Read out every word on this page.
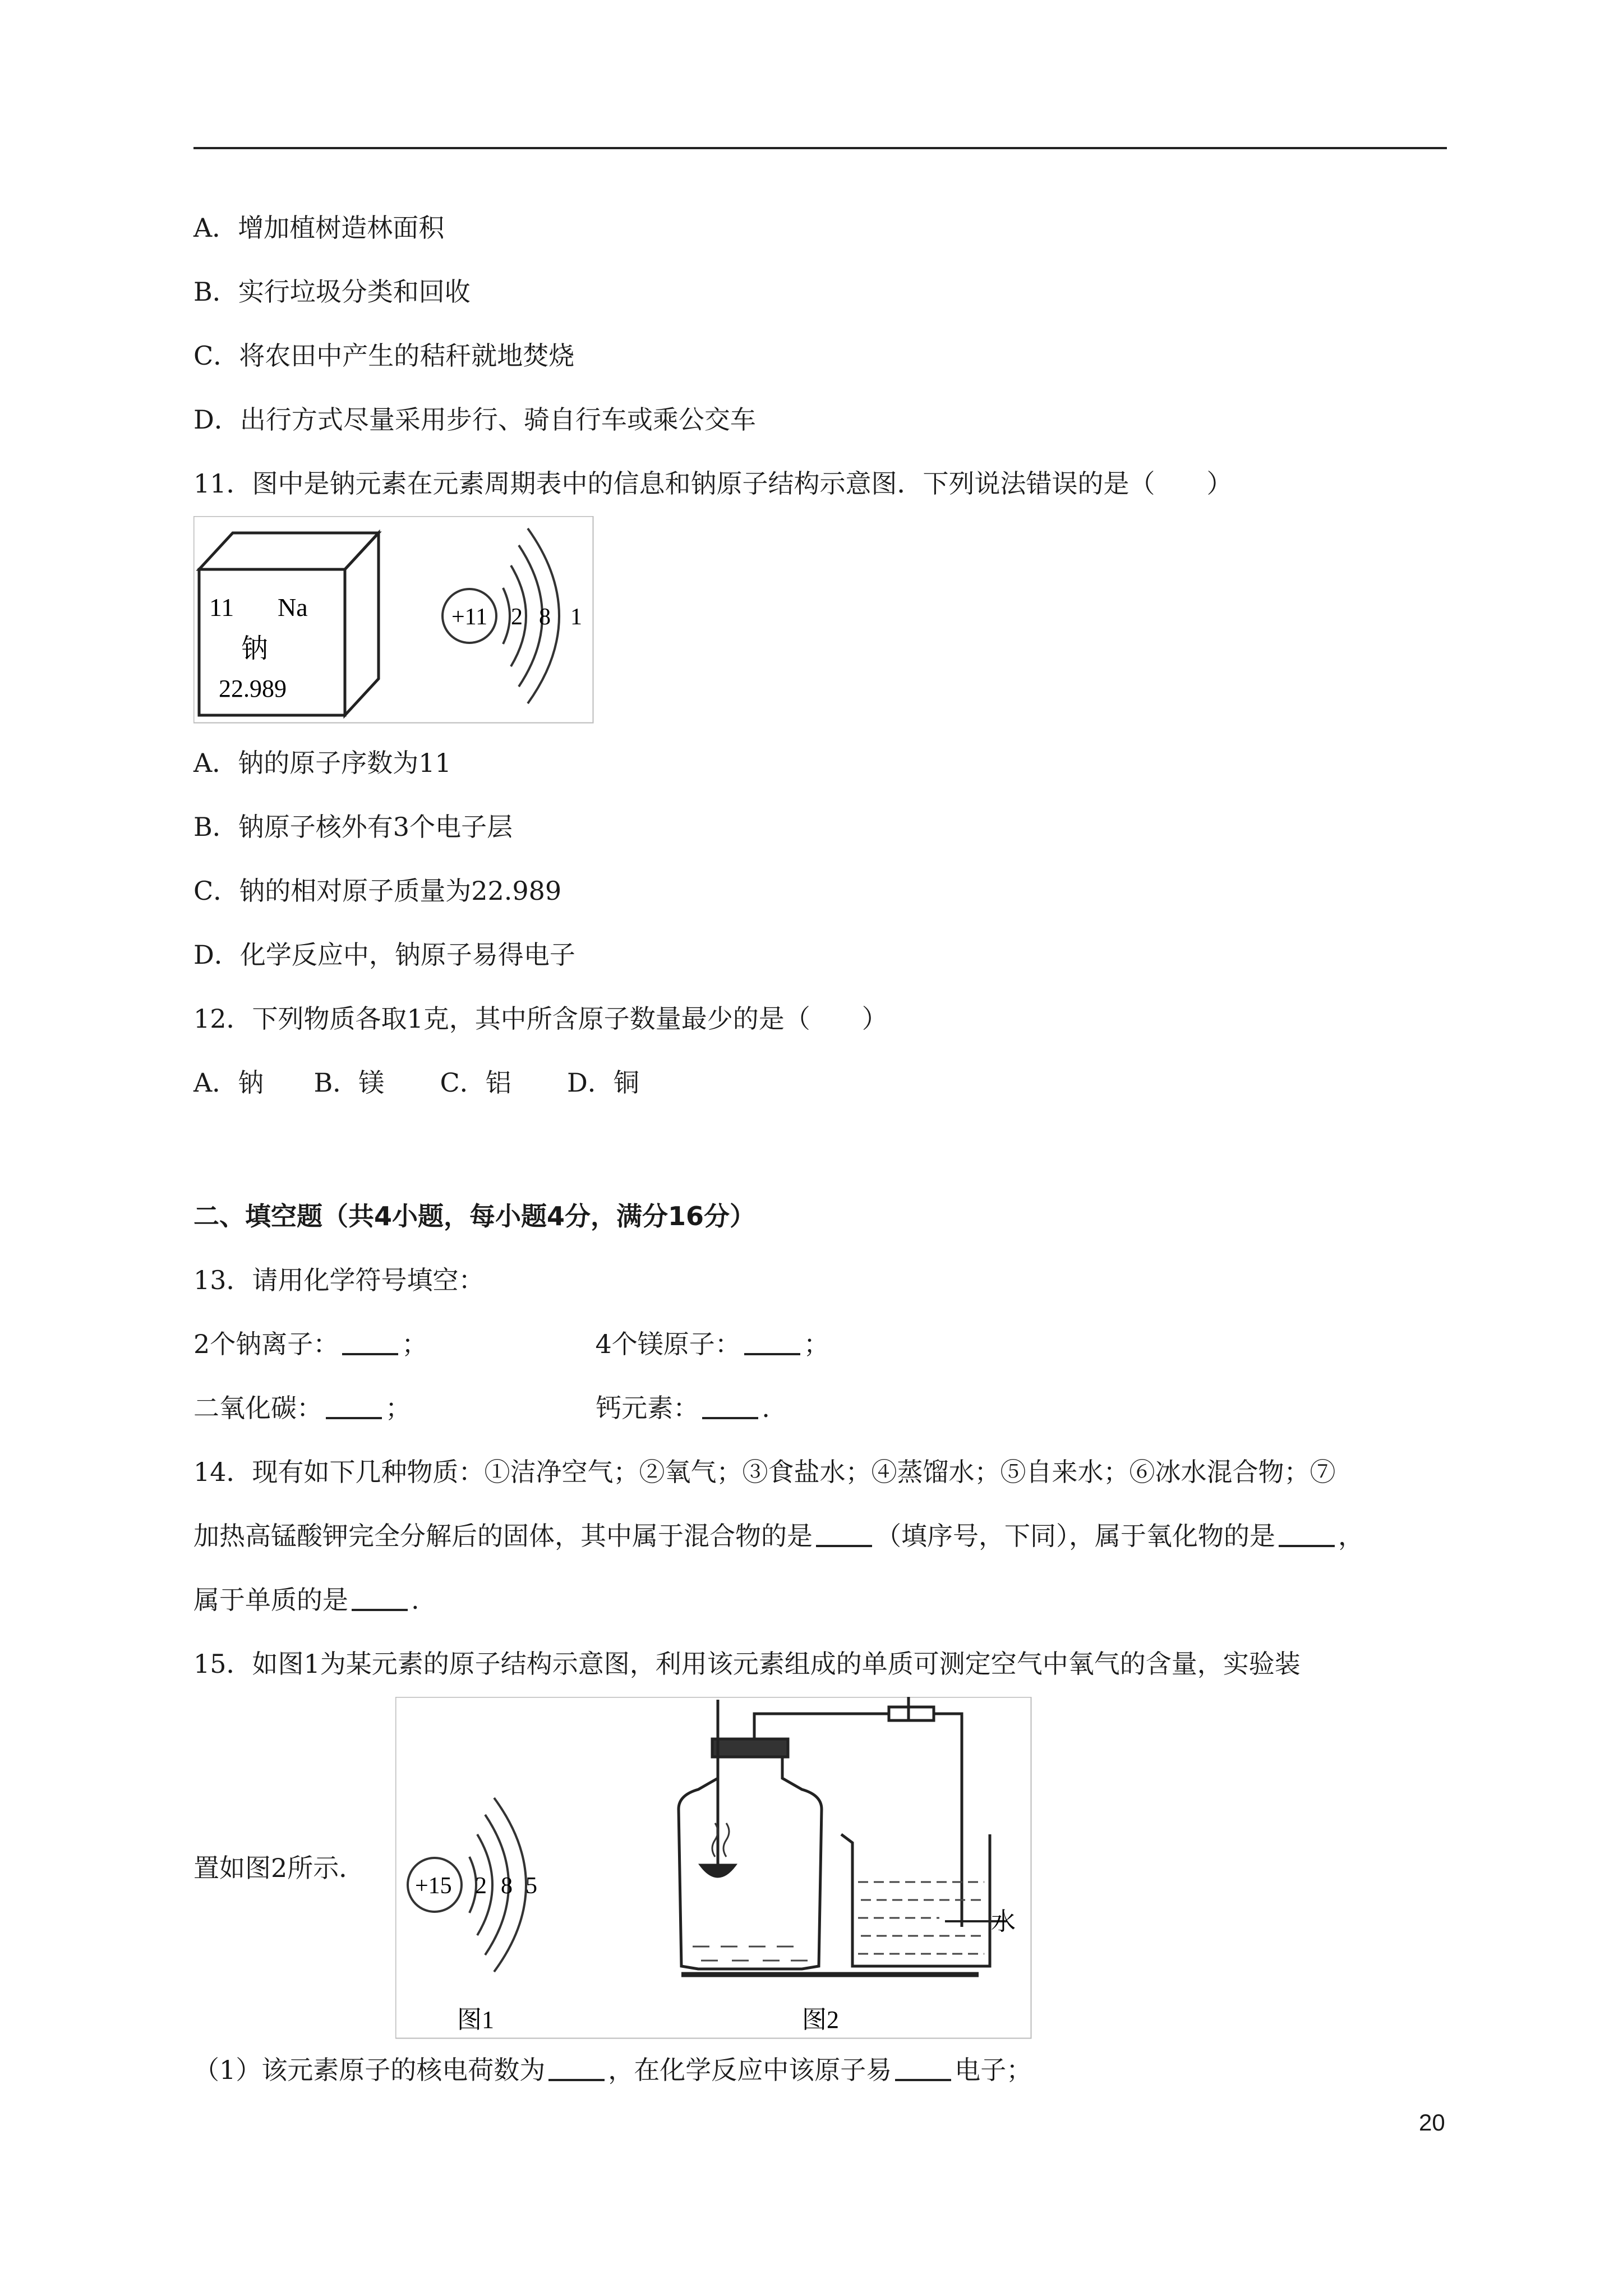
A．增加植树造林面积
B．实行垃圾分类和回收
C．将农田中产生的秸秆就地焚烧
D．出行方式尽量采用步行、骑自行车或乘公交车
11．图中是钠元素在元素周期表中的信息和钠原子结构示意图．下列说法错误的是（　　）
11 Na
钠
22.989
+11 2 8 1
A．钠的原子序数为11
B．钠原子核外有3个电子层
C．钠的相对原子质量为22.989
D．化学反应中，钠原子易得电子
12．下列物质各取1克，其中所含原子数量最少的是（　　）
A．钠 B．镁 C．铝 D．铜
二、填空题（共4小题，每小题4分，满分16分）
13．请用化学符号填空：
2个钠离子： ；	4个镁原子： ；
二氧化碳： ；	钙元素： .
14．现有如下几种物质：①洁净空气；②氧气；③食盐水；④蒸馏水；⑤自来水；⑥冰水混合物；⑦
加热高锰酸钾完全分解后的固体，其中属于混合物的是 （填序号，下同），属于氧化物的是 ，
属于单质的是 .
15．如图1为某元素的原子结构示意图，利用该元素组成的单质可测定空气中氧气的含量，实验装
置如图2所示．
+15 2 8 5
图1
水
图2
（1）该元素原子的核电荷数为 ，在化学反应中该原子易 电子；
20
